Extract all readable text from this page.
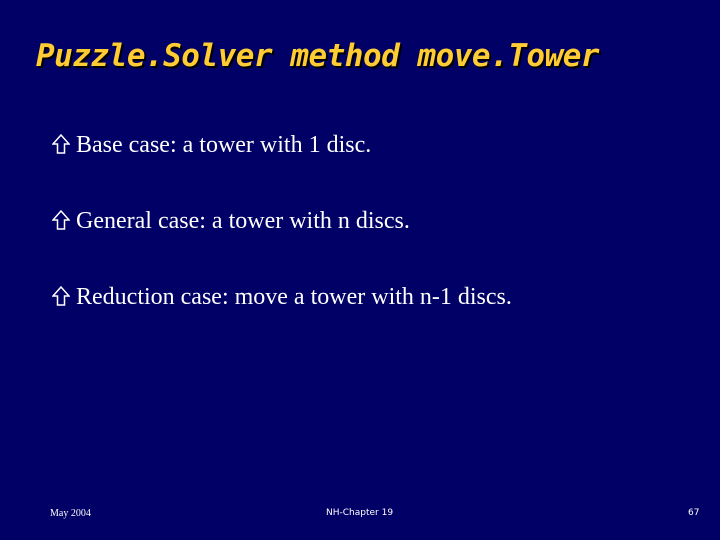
Puzzle.Solver method move.Tower
Base case: a tower with 1 disc.
General case: a tower with n discs.
Reduction case: move a tower with n-1 discs.
May 2004	NH-Chapter 19	67
